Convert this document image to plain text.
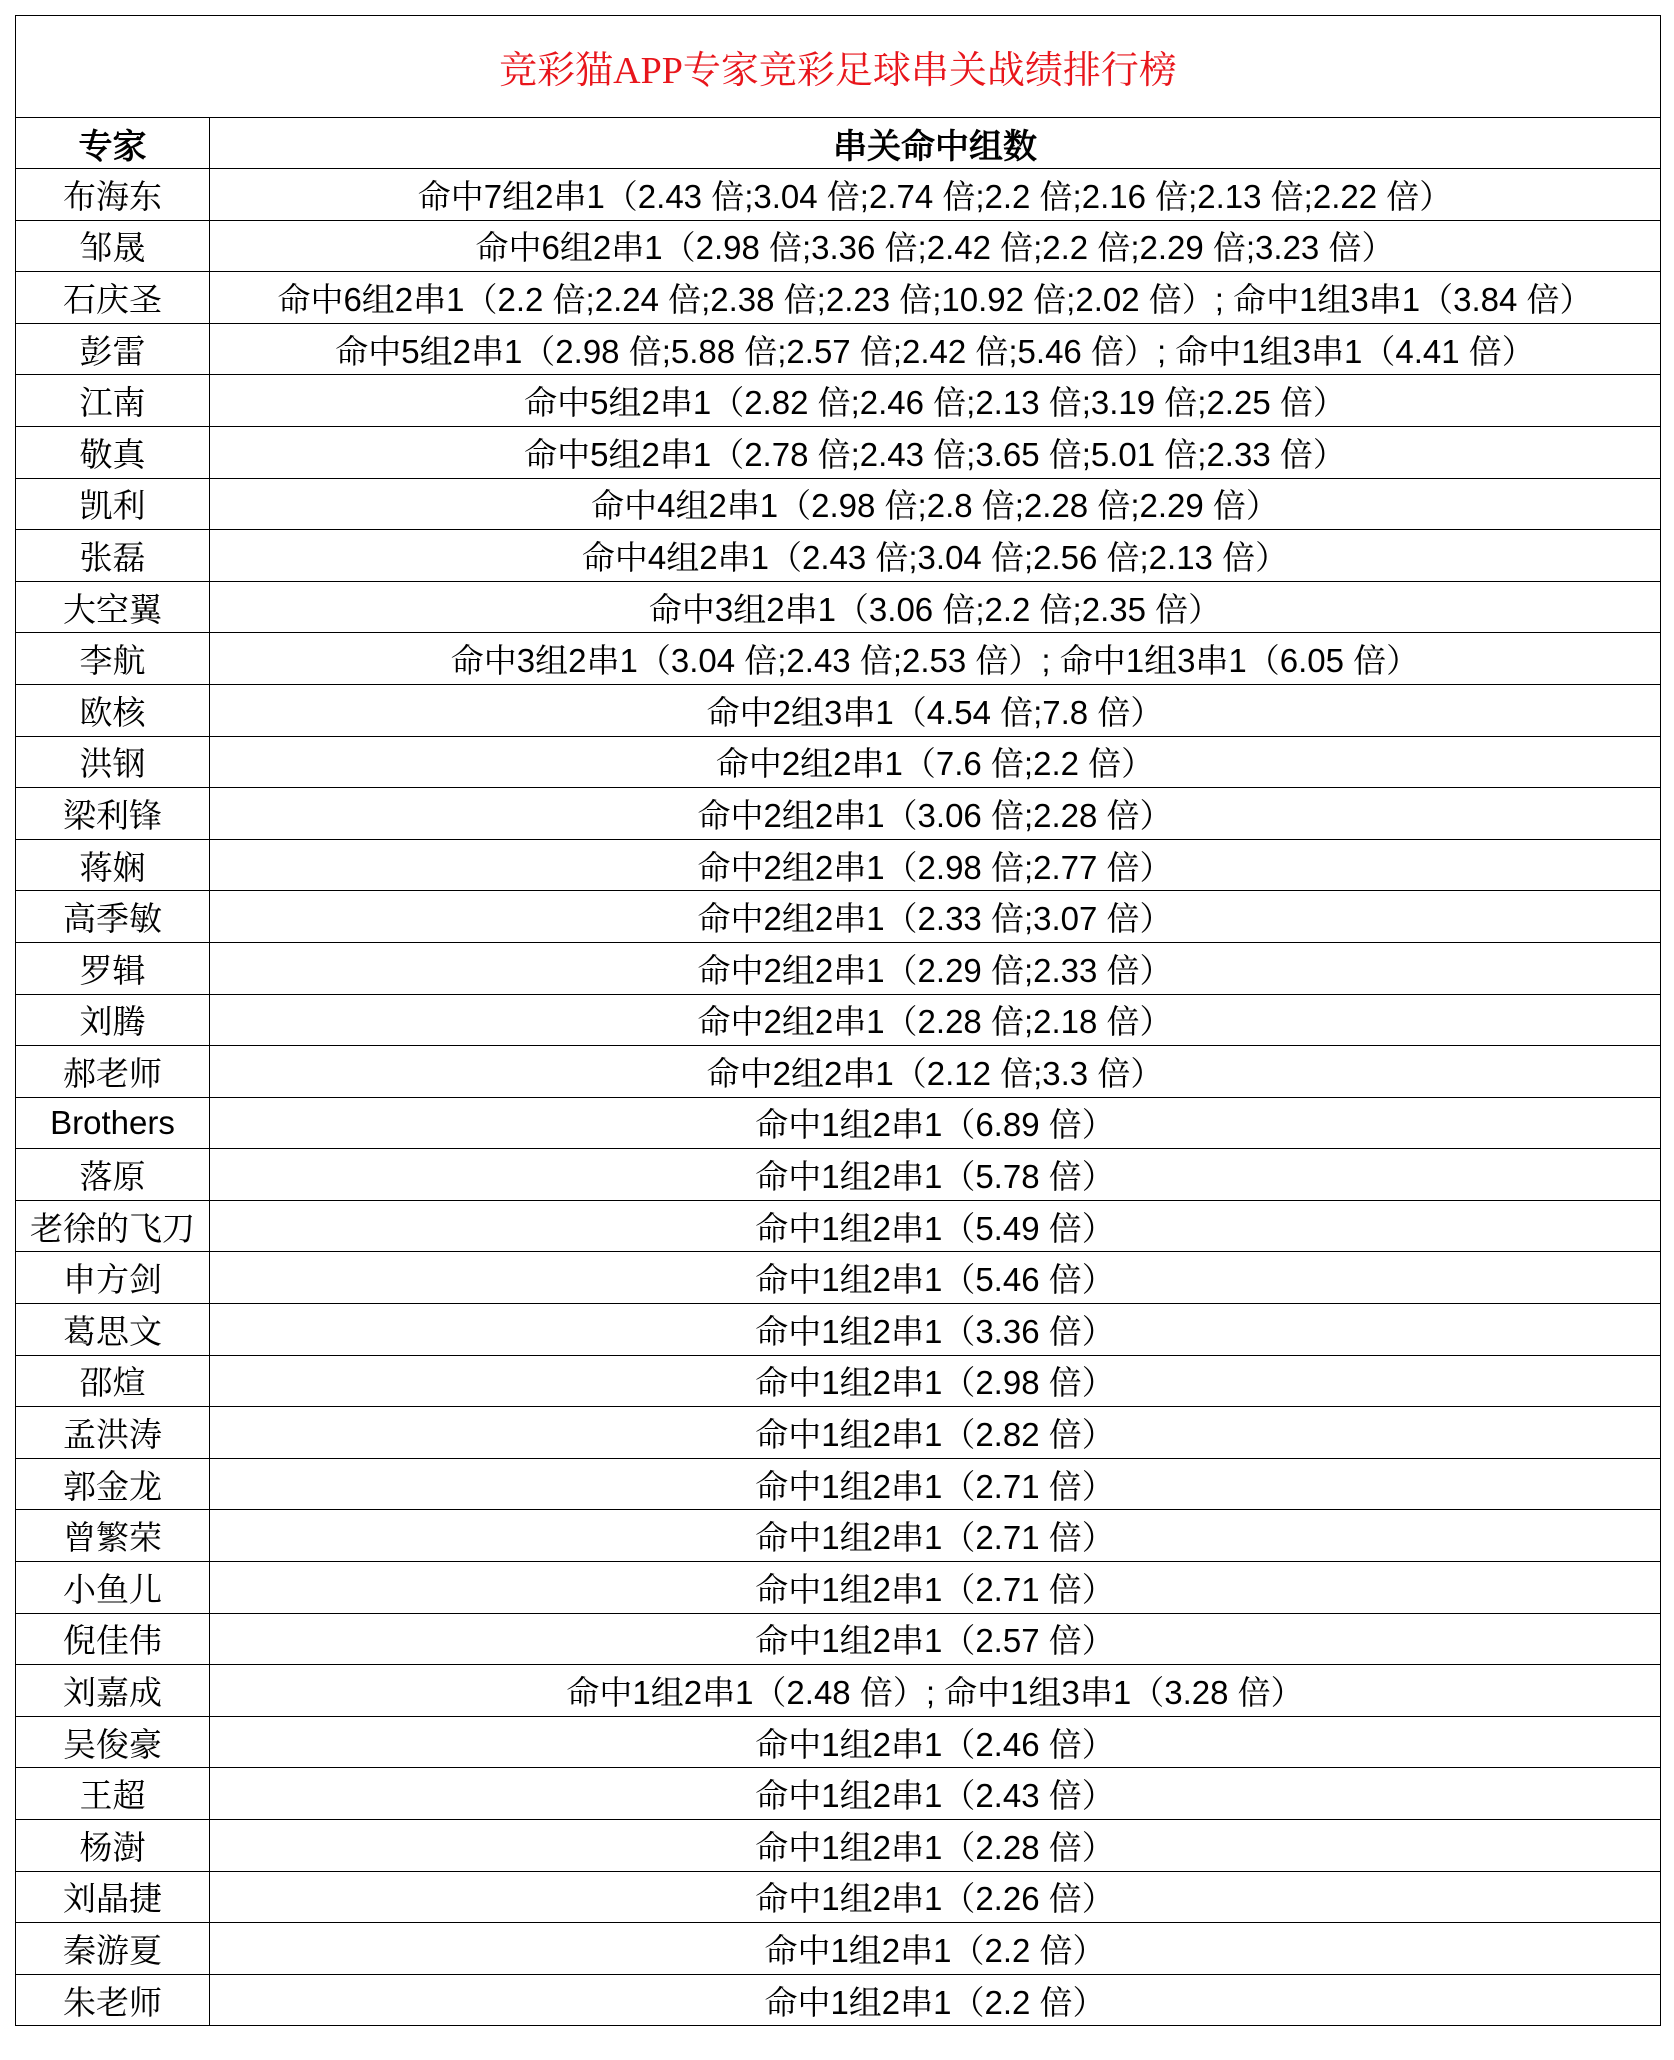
竞彩猫APP专家竞彩足球串关战绩排行榜	
专家	串关命中组数
布海东	命中7组2串1（2.43 倍;3.04 倍;2.74 倍;2.2 倍;2.16 倍;2.13 倍;2.22 倍）
邹晟	命中6组2串1（2.98 倍;3.36 倍;2.42 倍;2.2 倍;2.29 倍;3.23 倍）
石庆圣	命中6组2串1（2.2 倍;2.24 倍;2.38 倍;2.23 倍;10.92 倍;2.02 倍）; 命中1组3串1（3.84 倍）
彭雷	命中5组2串1（2.98 倍;5.88 倍;2.57 倍;2.42 倍;5.46 倍）; 命中1组3串1（4.41 倍）
江南	命中5组2串1（2.82 倍;2.46 倍;2.13 倍;3.19 倍;2.25 倍）
敬真	命中5组2串1（2.78 倍;2.43 倍;3.65 倍;5.01 倍;2.33 倍）
凯利	命中4组2串1（2.98 倍;2.8 倍;2.28 倍;2.29 倍）
张磊	命中4组2串1（2.43 倍;3.04 倍;2.56 倍;2.13 倍）
大空翼	命中3组2串1（3.06 倍;2.2 倍;2.35 倍）
李航	命中3组2串1（3.04 倍;2.43 倍;2.53 倍）; 命中1组3串1（6.05 倍）
欧核	命中2组3串1（4.54 倍;7.8 倍）
洪钢	命中2组2串1（7.6 倍;2.2 倍）
梁利锋	命中2组2串1（3.06 倍;2.28 倍）
蒋娴	命中2组2串1（2.98 倍;2.77 倍）
高季敏	命中2组2串1（2.33 倍;3.07 倍）
罗辑	命中2组2串1（2.29 倍;2.33 倍）
刘腾	命中2组2串1（2.28 倍;2.18 倍）
郝老师	命中2组2串1（2.12 倍;3.3 倍）
Brothers	命中1组2串1（6.89 倍）
落原	命中1组2串1（5.78 倍）
老徐的飞刀	命中1组2串1（5.49 倍）
申方剑	命中1组2串1（5.46 倍）
葛思文	命中1组2串1（3.36 倍）
邵煊	命中1组2串1（2.98 倍）
孟洪涛	命中1组2串1（2.82 倍）
郭金龙	命中1组2串1（2.71 倍）
曾繁荣	命中1组2串1（2.71 倍）
小鱼儿	命中1组2串1（2.71 倍）
倪佳伟	命中1组2串1（2.57 倍）
刘嘉成	命中1组2串1（2.48 倍）; 命中1组3串1（3.28 倍）
吴俊豪	命中1组2串1（2.46 倍）
王超	命中1组2串1（2.43 倍）
杨澍	命中1组2串1（2.28 倍）
刘晶捷	命中1组2串1（2.26 倍）
秦游夏	命中1组2串1（2.2 倍）
朱老师	命中1组2串1（2.2 倍）
